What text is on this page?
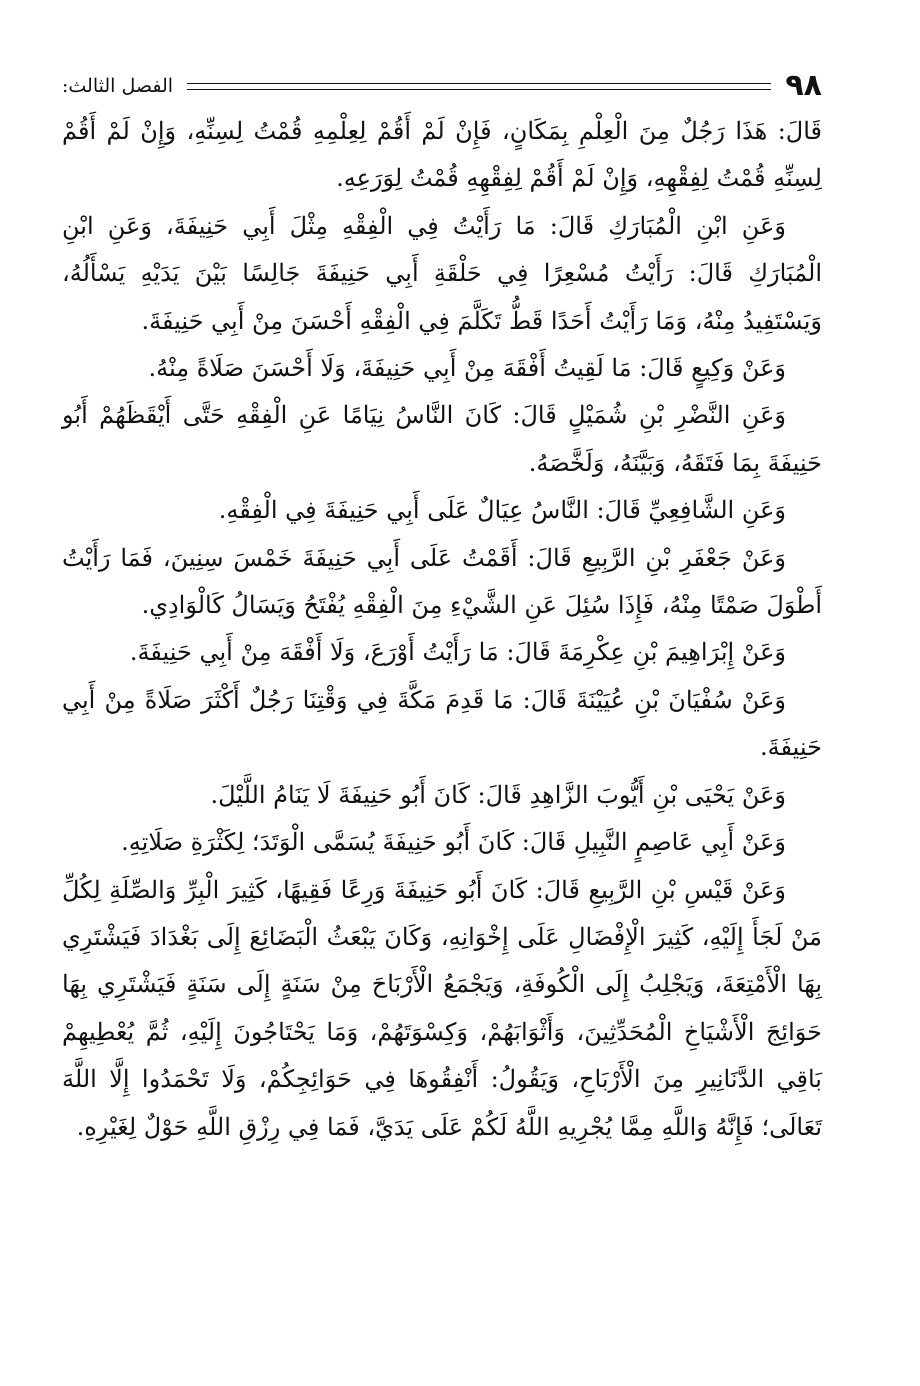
٩٨
الفصل الثالث:

قَالَ: هَذَا رَجُلٌ مِنَ الْعِلْمِ بِمَكَانٍ، فَإِنْ لَمْ أَقُمْ لِعِلْمِهِ قُمْتُ لِسِنِّهِ، وَإِنْ لَمْ أَقُمْ لِسِنِّهِ قُمْتُ لِفِقْهِهِ، وَإِنْ لَمْ أَقُمْ لِفِقْهِهِ قُمْتُ لِوَرَعِهِ.

وَعَنِ ابْنِ الْمُبَارَكِ قَالَ: مَا رَأَيْتُ فِي الْفِقْهِ مِثْلَ أَبِي حَنِيفَةَ، وَعَنِ ابْنِ الْمُبَارَكِ قَالَ: رَأَيْتُ مُسْعِرًا فِي حَلْقَةِ أَبِي حَنِيفَةَ جَالِسًا بَيْنَ يَدَيْهِ يَسْأَلُهُ، وَيَسْتَفِيدُ مِنْهُ، وَمَا رَأَيْتُ أَحَدًا قَطُّ تَكَلَّمَ فِي الْفِقْهِ أَحْسَنَ مِنْ أَبِي حَنِيفَةَ.

وَعَنْ وَكِيعٍ قَالَ: مَا لَقِيتُ أَفْقَهَ مِنْ أَبِي حَنِيفَةَ، وَلَا أَحْسَنَ صَلَاةً مِنْهُ.

وَعَنِ النَّضْرِ بْنِ شُمَيْلٍ قَالَ: كَانَ النَّاسُ نِيَامًا عَنِ الْفِقْهِ حَتَّى أَيْقَظَهُمْ أَبُو حَنِيفَةَ بِمَا فَتَقَهُ، وَبَيَّنَهُ، وَلَخَّصَهُ.

وَعَنِ الشَّافِعِيِّ قَالَ: النَّاسُ عِيَالٌ عَلَى أَبِي حَنِيفَةَ فِي الْفِقْهِ.

وَعَنْ جَعْفَرِ بْنِ الرَّبِيعِ قَالَ: أَقَمْتُ عَلَى أَبِي حَنِيفَةَ خَمْسَ سِنِينَ، فَمَا رَأَيْتُ أَطْوَلَ صَمْتًا مِنْهُ، فَإِذَا سُئِلَ عَنِ الشَّيْءِ مِنَ الْفِقْهِ يُفْتَحُ وَيَسَالُ كَالْوَادِي.

وَعَنْ إِبْرَاهِيمَ بْنِ عِكْرِمَةَ قَالَ: مَا رَأَيْتُ أَوْرَعَ، وَلَا أَفْقَهَ مِنْ أَبِي حَنِيفَةَ.

وَعَنْ سُفْيَانَ بْنِ عُيَيْنَةَ قَالَ: مَا قَدِمَ مَكَّةَ فِي وَقْتِنَا رَجُلٌ أَكْثَرَ صَلَاةً مِنْ أَبِي حَنِيفَةَ.

وَعَنْ يَحْيَى بْنِ أَيُّوبَ الزَّاهِدِ قَالَ: كَانَ أَبُو حَنِيفَةَ لَا يَنَامُ اللَّيْلَ.

وَعَنْ أَبِي عَاصِمٍ النَّبِيلِ قَالَ: كَانَ أَبُو حَنِيفَةَ يُسَمَّى الْوَتَدَ؛ لِكَثْرَةِ صَلَاتِهِ.

وَعَنْ قَيْسِ بْنِ الرَّبِيعِ قَالَ: كَانَ أَبُو حَنِيفَةَ وَرِعًا فَقِيهًا، كَثِيرَ الْبِرِّ وَالصِّلَةِ لِكُلِّ مَنْ لَجَأَ إِلَيْهِ، كَثِيرَ الْإِفْضَالِ عَلَى إِخْوَانِهِ، وَكَانَ يَبْعَثُ الْبَضَائِعَ إِلَى بَغْدَادَ فَيَشْتَرِي بِهَا الْأَمْتِعَةَ، وَيَجْلِبُ إِلَى الْكُوفَةِ، وَيَجْمَعُ الْأَرْبَاحَ مِنْ سَنَةٍ إِلَى سَنَةٍ فَيَشْتَرِي بِهَا حَوَائِجَ الْأَشْيَاخِ الْمُحَدِّثِينَ، وَأَثْوَابَهُمْ، وَكِسْوَتَهُمْ، وَمَا يَحْتَاجُونَ إِلَيْهِ، ثُمَّ يُعْطِيهِمْ بَاقِي الدَّنَانِيرِ مِنَ الْأَرْبَاحِ، وَيَقُولُ: أَنْفِقُوهَا فِي حَوَائِجِكُمْ، وَلَا تَحْمَدُوا إِلَّا اللَّهَ تَعَالَى؛ فَإِنَّهُ وَاللَّهِ مِمَّا يُجْرِيهِ اللَّهُ لَكُمْ عَلَى يَدَيَّ، فَمَا فِي رِزْقِ اللَّهِ حَوْلٌ لِغَيْرِهِ.
